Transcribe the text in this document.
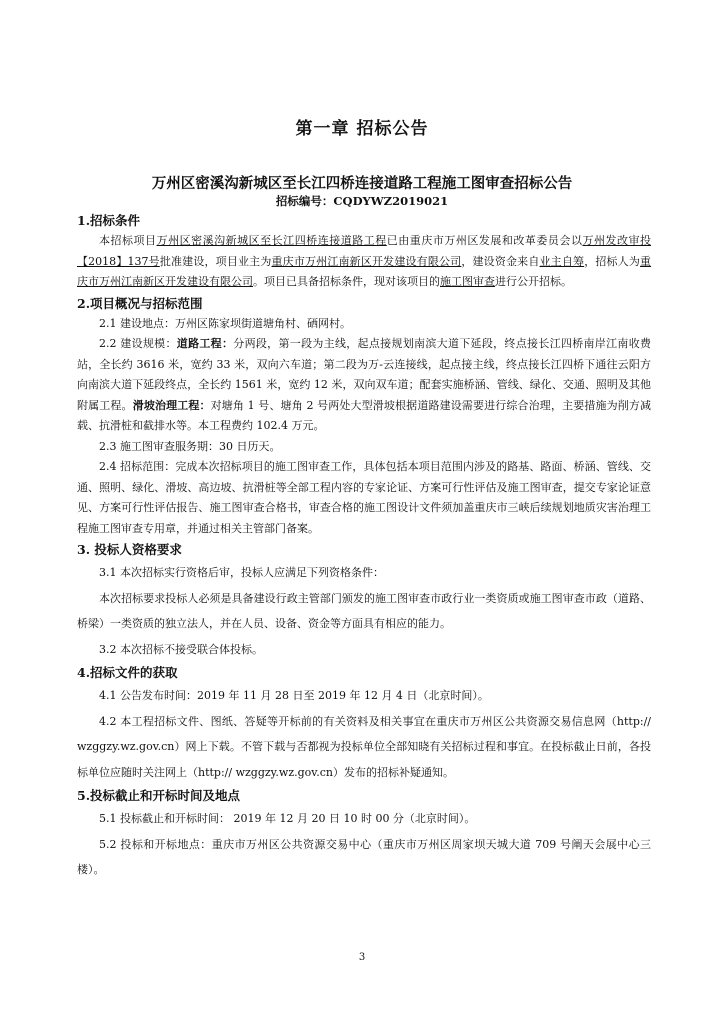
第一章 招标公告
万州区密溪沟新城区至长江四桥连接道路工程施工图审查招标公告
招标编号：CQDYWZ2019021
1.招标条件

本招标项目万州区密溪沟新城区至长江四桥连接道路工程已由重庆市万州区发展和改革委员会以万州发改审投【2018】137号批准建设，项目业主为重庆市万州江南新区开发建设有限公司，建设资金来自业主自筹，招标人为重庆市万州江南新区开发建设有限公司。项目已具备招标条件，现对该项目的施工图审查进行公开招标。

2.项目概况与招标范围

2.1 建设地点：万州区陈家坝街道塘角村、硒网村。

2.2 建设规模：道路工程：分两段，第一段为主线，起点接规划南滨大道下延段，终点接长江四桥南岸江南收费站，全长约 3616 米，宽约 33 米，双向六车道；第二段为万-云连接线，起点接主线，终点接长江四桥下通往云阳方向南滨大道下延段终点，全长约 1561 米，宽约 12 米，双向双车道；配套实施桥涵、管线、绿化、交通、照明及其他附属工程。滑坡治理工程：对塘角 1 号、塘角 2 号两处大型滑坡根据道路建设需要进行综合治理，主要措施为削方减载、抗滑桩和截排水等。本工程费约 102.4 万元。

2.3 施工图审查服务期：30 日历天。

2.4 招标范围：完成本次招标项目的施工图审查工作，具体包括本项目范围内涉及的路基、路面、桥涵、管线、交通、照明、绿化、滑坡、高边坡、抗滑桩等全部工程内容的专家论证、方案可行性评估及施工图审查，提交专家论证意见、方案可行性评估报告、施工图审查合格书，审查合格的施工图设计文件须加盖重庆市三峡后续规划地质灾害治理工程施工图审查专用章，并通过相关主管部门备案。

3. 投标人资格要求

3.1 本次招标实行资格后审，投标人应满足下列资格条件：

本次招标要求投标人必须是具备建设行政主管部门颁发的施工图审查市政行业一类资质或施工图审查市政（道路、桥梁）一类资质的独立法人，并在人员、设备、资金等方面具有相应的能力。

3.2 本次招标不接受联合体投标。

4.招标文件的获取

4.1 公告发布时间：2019 年 11 月 28 日至 2019 年 12 月 4 日（北京时间）。

4.2 本工程招标文件、图纸、答疑等开标前的有关资料及相关事宜在重庆市万州区公共资源交易信息网（http:// wzggzy.wz.gov.cn）网上下载。不管下载与否都视为投标单位全部知晓有关招标过程和事宜。在投标截止日前，各投标单位应随时关注网上（http:// wzggzy.wz.gov.cn）发布的招标补疑通知。

5.投标截止和开标时间及地点

5.1 投标截止和开标时间： 2019 年 12 月 20 日 10 时 00 分（北京时间）。

5.2 投标和开标地点：重庆市万州区公共资源交易中心（重庆市万州区周家坝天城大道 709 号阐天会展中心三楼）。

3
